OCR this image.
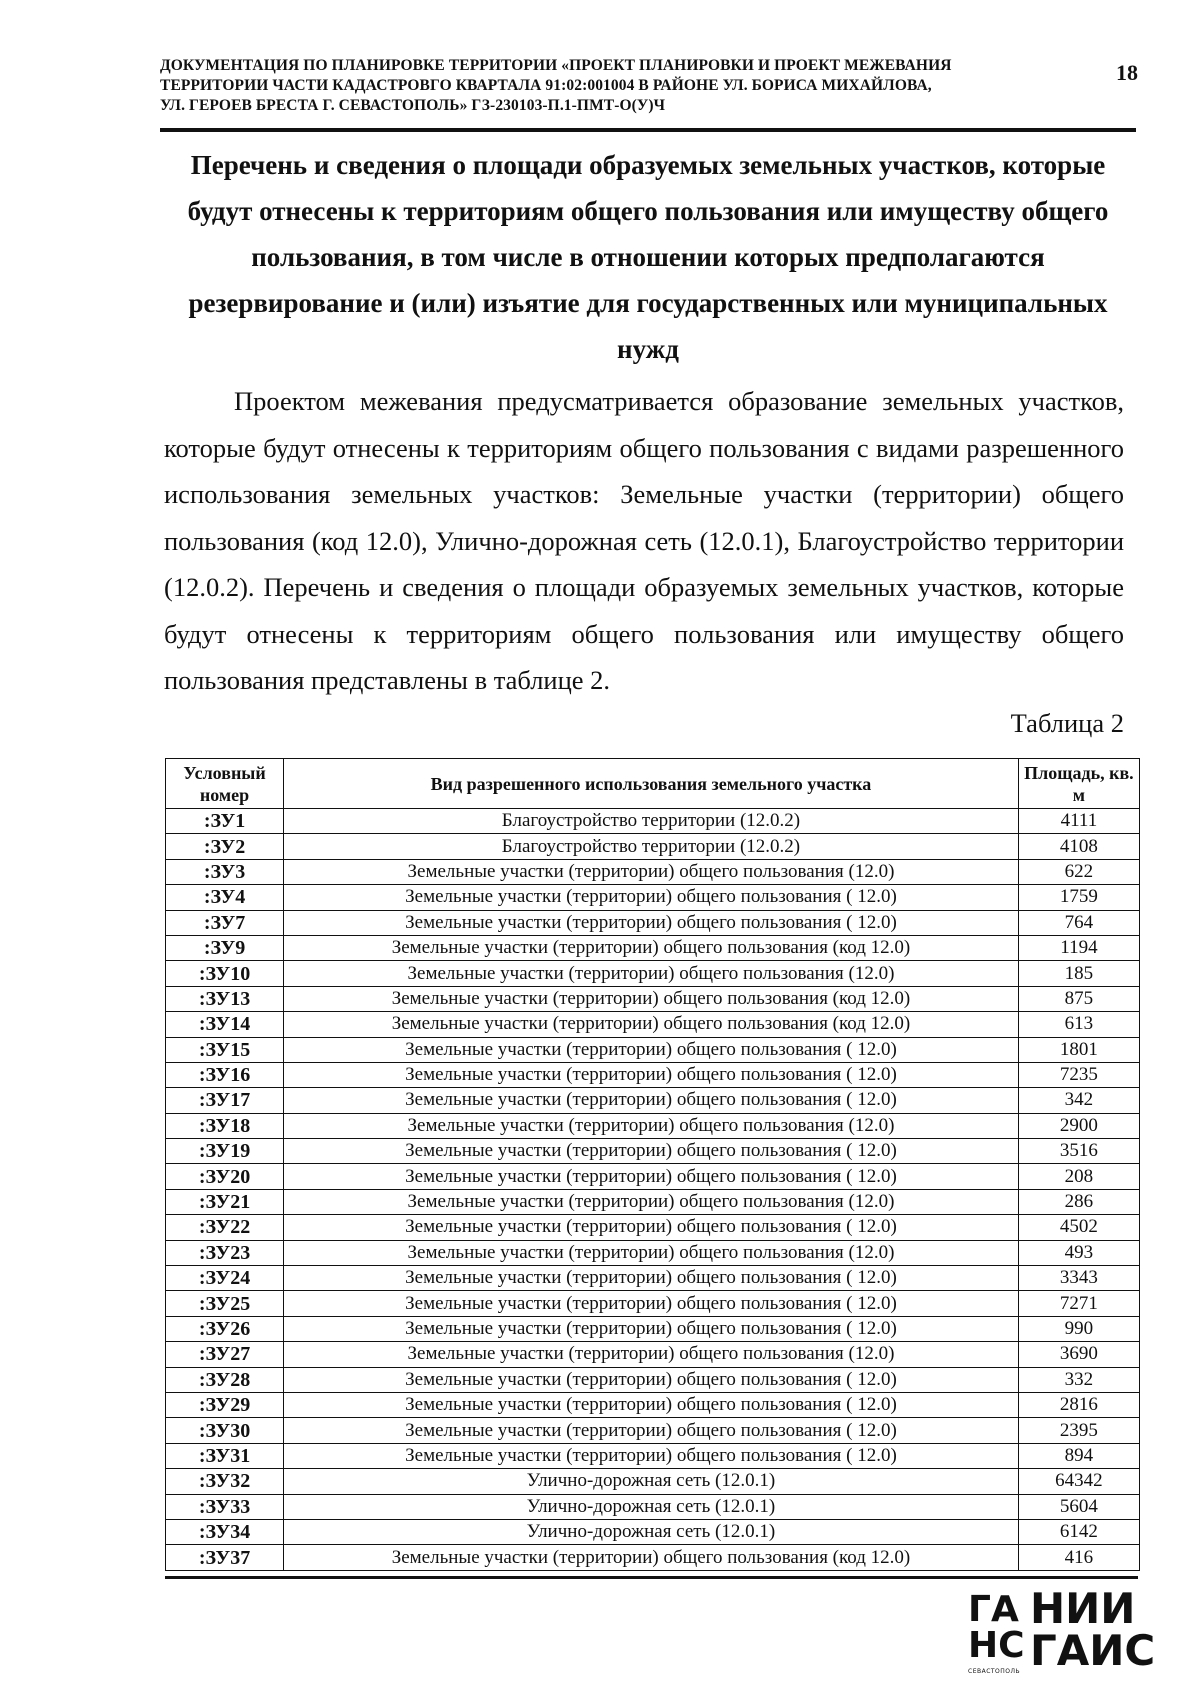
ДОКУМЕНТАЦИЯ ПО ПЛАНИРОВКЕ ТЕРРИТОРИИ «ПРОЕКТ ПЛАНИРОВКИ И ПРОЕКТ МЕЖЕВАНИЯ
ТЕРРИТОРИИ ЧАСТИ КАДАСТРОВГО КВАРТАЛА 91:02:001004 В РАЙОНЕ УЛ. БОРИСА МИХАЙЛОВА,
УЛ. ГЕРОЕВ БРЕСТА Г. СЕВАСТОПОЛЬ» ГЗ-230103-П.1-ПМТ-О(У)Ч
18
Перечень и сведения о площади образуемых земельных участков, которые будут отнесены к территориям общего пользования или имуществу общего пользования, в том числе в отношении которых предполагаются резервирование и (или) изъятие для государственных или муниципальных нужд
Проектом межевания предусматривается образование земельных участков, которые будут отнесены к территориям общего пользования с видами разрешенного использования земельных участков: Земельные участки (территории) общего пользования (код 12.0), Улично-дорожная сеть (12.0.1), Благоустройство территории (12.0.2). Перечень и сведения о площади образуемых земельных участков, которые будут отнесены к территориям общего пользования или имуществу общего пользования представлены в таблице 2.
Таблица 2
Условный номер	Вид разрешенного использования земельного участка	Площадь, кв. м
:ЗУ1	Благоустройство территории (12.0.2)	4111
:ЗУ2	Благоустройство территории (12.0.2)	4108
:ЗУ3	Земельные участки (территории) общего пользования (12.0)	622
:ЗУ4	Земельные участки (территории) общего пользования ( 12.0)	1759
:ЗУ7	Земельные участки (территории) общего пользования ( 12.0)	764
:ЗУ9	Земельные участки (территории) общего пользования (код 12.0)	1194
:ЗУ10	Земельные участки (территории) общего пользования (12.0)	185
:ЗУ13	Земельные участки (территории) общего пользования (код 12.0)	875
:ЗУ14	Земельные участки (территории) общего пользования (код 12.0)	613
:ЗУ15	Земельные участки (территории) общего пользования ( 12.0)	1801
:ЗУ16	Земельные участки (территории) общего пользования ( 12.0)	7235
:ЗУ17	Земельные участки (территории) общего пользования ( 12.0)	342
:ЗУ18	Земельные участки (территории) общего пользования (12.0)	2900
:ЗУ19	Земельные участки (территории) общего пользования ( 12.0)	3516
:ЗУ20	Земельные участки (территории) общего пользования ( 12.0)	208
:ЗУ21	Земельные участки (территории) общего пользования (12.0)	286
:ЗУ22	Земельные участки (территории) общего пользования ( 12.0)	4502
:ЗУ23	Земельные участки (территории) общего пользования (12.0)	493
:ЗУ24	Земельные участки (территории) общего пользования ( 12.0)	3343
:ЗУ25	Земельные участки (территории) общего пользования ( 12.0)	7271
:ЗУ26	Земельные участки (территории) общего пользования ( 12.0)	990
:ЗУ27	Земельные участки (территории) общего пользования (12.0)	3690
:ЗУ28	Земельные участки (территории) общего пользования ( 12.0)	332
:ЗУ29	Земельные участки (территории) общего пользования ( 12.0)	2816
:ЗУ30	Земельные участки (территории) общего пользования ( 12.0)	2395
:ЗУ31	Земельные участки (территории) общего пользования ( 12.0)	894
:ЗУ32	Улично-дорожная сеть (12.0.1)	64342
:ЗУ33	Улично-дорожная сеть (12.0.1)	5604
:ЗУ34	Улично-дорожная сеть (12.0.1)	6142
:ЗУ37	Земельные участки (территории) общего пользования (код 12.0)	416
ГА
НС
СЕВАСТОПОЛЬ
НИИ
ГАИС
